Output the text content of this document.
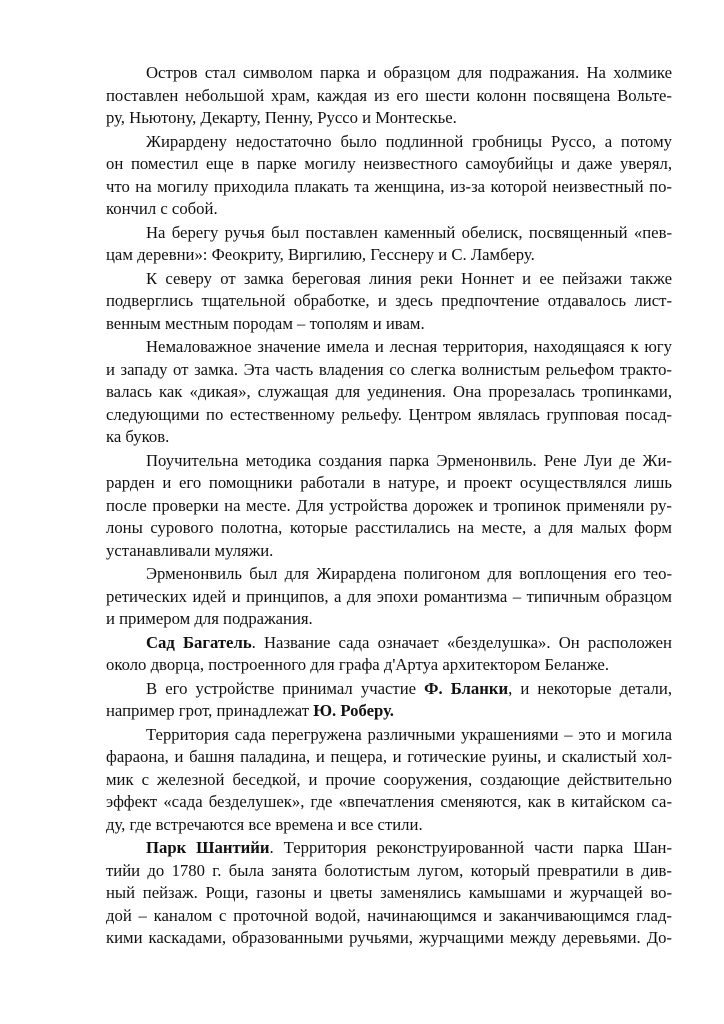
Остров стал символом парка и образцом для подражания. На холмике
поставлен небольшой храм, каждая из его шести колонн посвящена Вольте-
ру, Ньютону, Декарту, Пенну, Руссо и Монтескье.
Жирардену недостаточно было подлинной гробницы Руссо, а потому
он поместил еще в парке могилу неизвестного самоубийцы и даже уверял,
что на могилу приходила плакать та женщина, из-за которой неизвестный по-
кончил с собой.
На берегу ручья был поставлен каменный обелиск, посвященный «пев-
цам деревни»: Феокриту, Виргилию, Гесснеру и С. Ламберу.
К северу от замка береговая линия реки Ноннет и ее пейзажи также
подверглись тщательной обработке, и здесь предпочтение отдавалось лист-
венным местным породам – тополям и ивам.
Немаловажное значение имела и лесная территория, находящаяся к югу
и западу от замка. Эта часть владения со слегка волнистым рельефом тракто-
валась как «дикая», служащая для уединения. Она прорезалась тропинками,
следующими по естественному рельефу. Центром являлась групповая посад-
ка буков.
Поучительна методика создания парка Эрменонвиль. Рене Луи де Жи-
рарден и его помощники работали в натуре, и проект осуществлялся лишь
после проверки на месте. Для устройства дорожек и тропинок применяли ру-
лоны сурового полотна, которые расстилались на месте, а для малых форм
устанавливали муляжи.
Эрменонвиль был для Жирардена полигоном для воплощения его тео-
ретических идей и принципов, а для эпохи романтизма – типичным образцом
и примером для подражания.
Сад Багатель. Название сада означает «безделушка». Он расположен
около дворца, построенного для графа д'Артуа архитектором Беланже.
В его устройстве принимал участие Ф. Бланки, и некоторые детали,
например грот, принадлежат Ю. Роберу.
Территория сада перегружена различными украшениями – это и могила
фараона, и башня паладина, и пещера, и готические руины, и скалистый хол-
мик с железной беседкой, и прочие сооружения, создающие действительно
эффект «сада безделушек», где «впечатления сменяются, как в китайском са-
ду, где встречаются все времена и все стили.
Парк Шантийи. Территория реконструированной части парка Шан-
тийи до 1780 г. была занята болотистым лугом, который превратили в див-
ный пейзаж. Рощи, газоны и цветы заменялись камышами и журчащей во-
дой – каналом с проточной водой, начинающимся и заканчивающимся глад-
кими каскадами, образованными ручьями, журчащими между деревьями. До-
